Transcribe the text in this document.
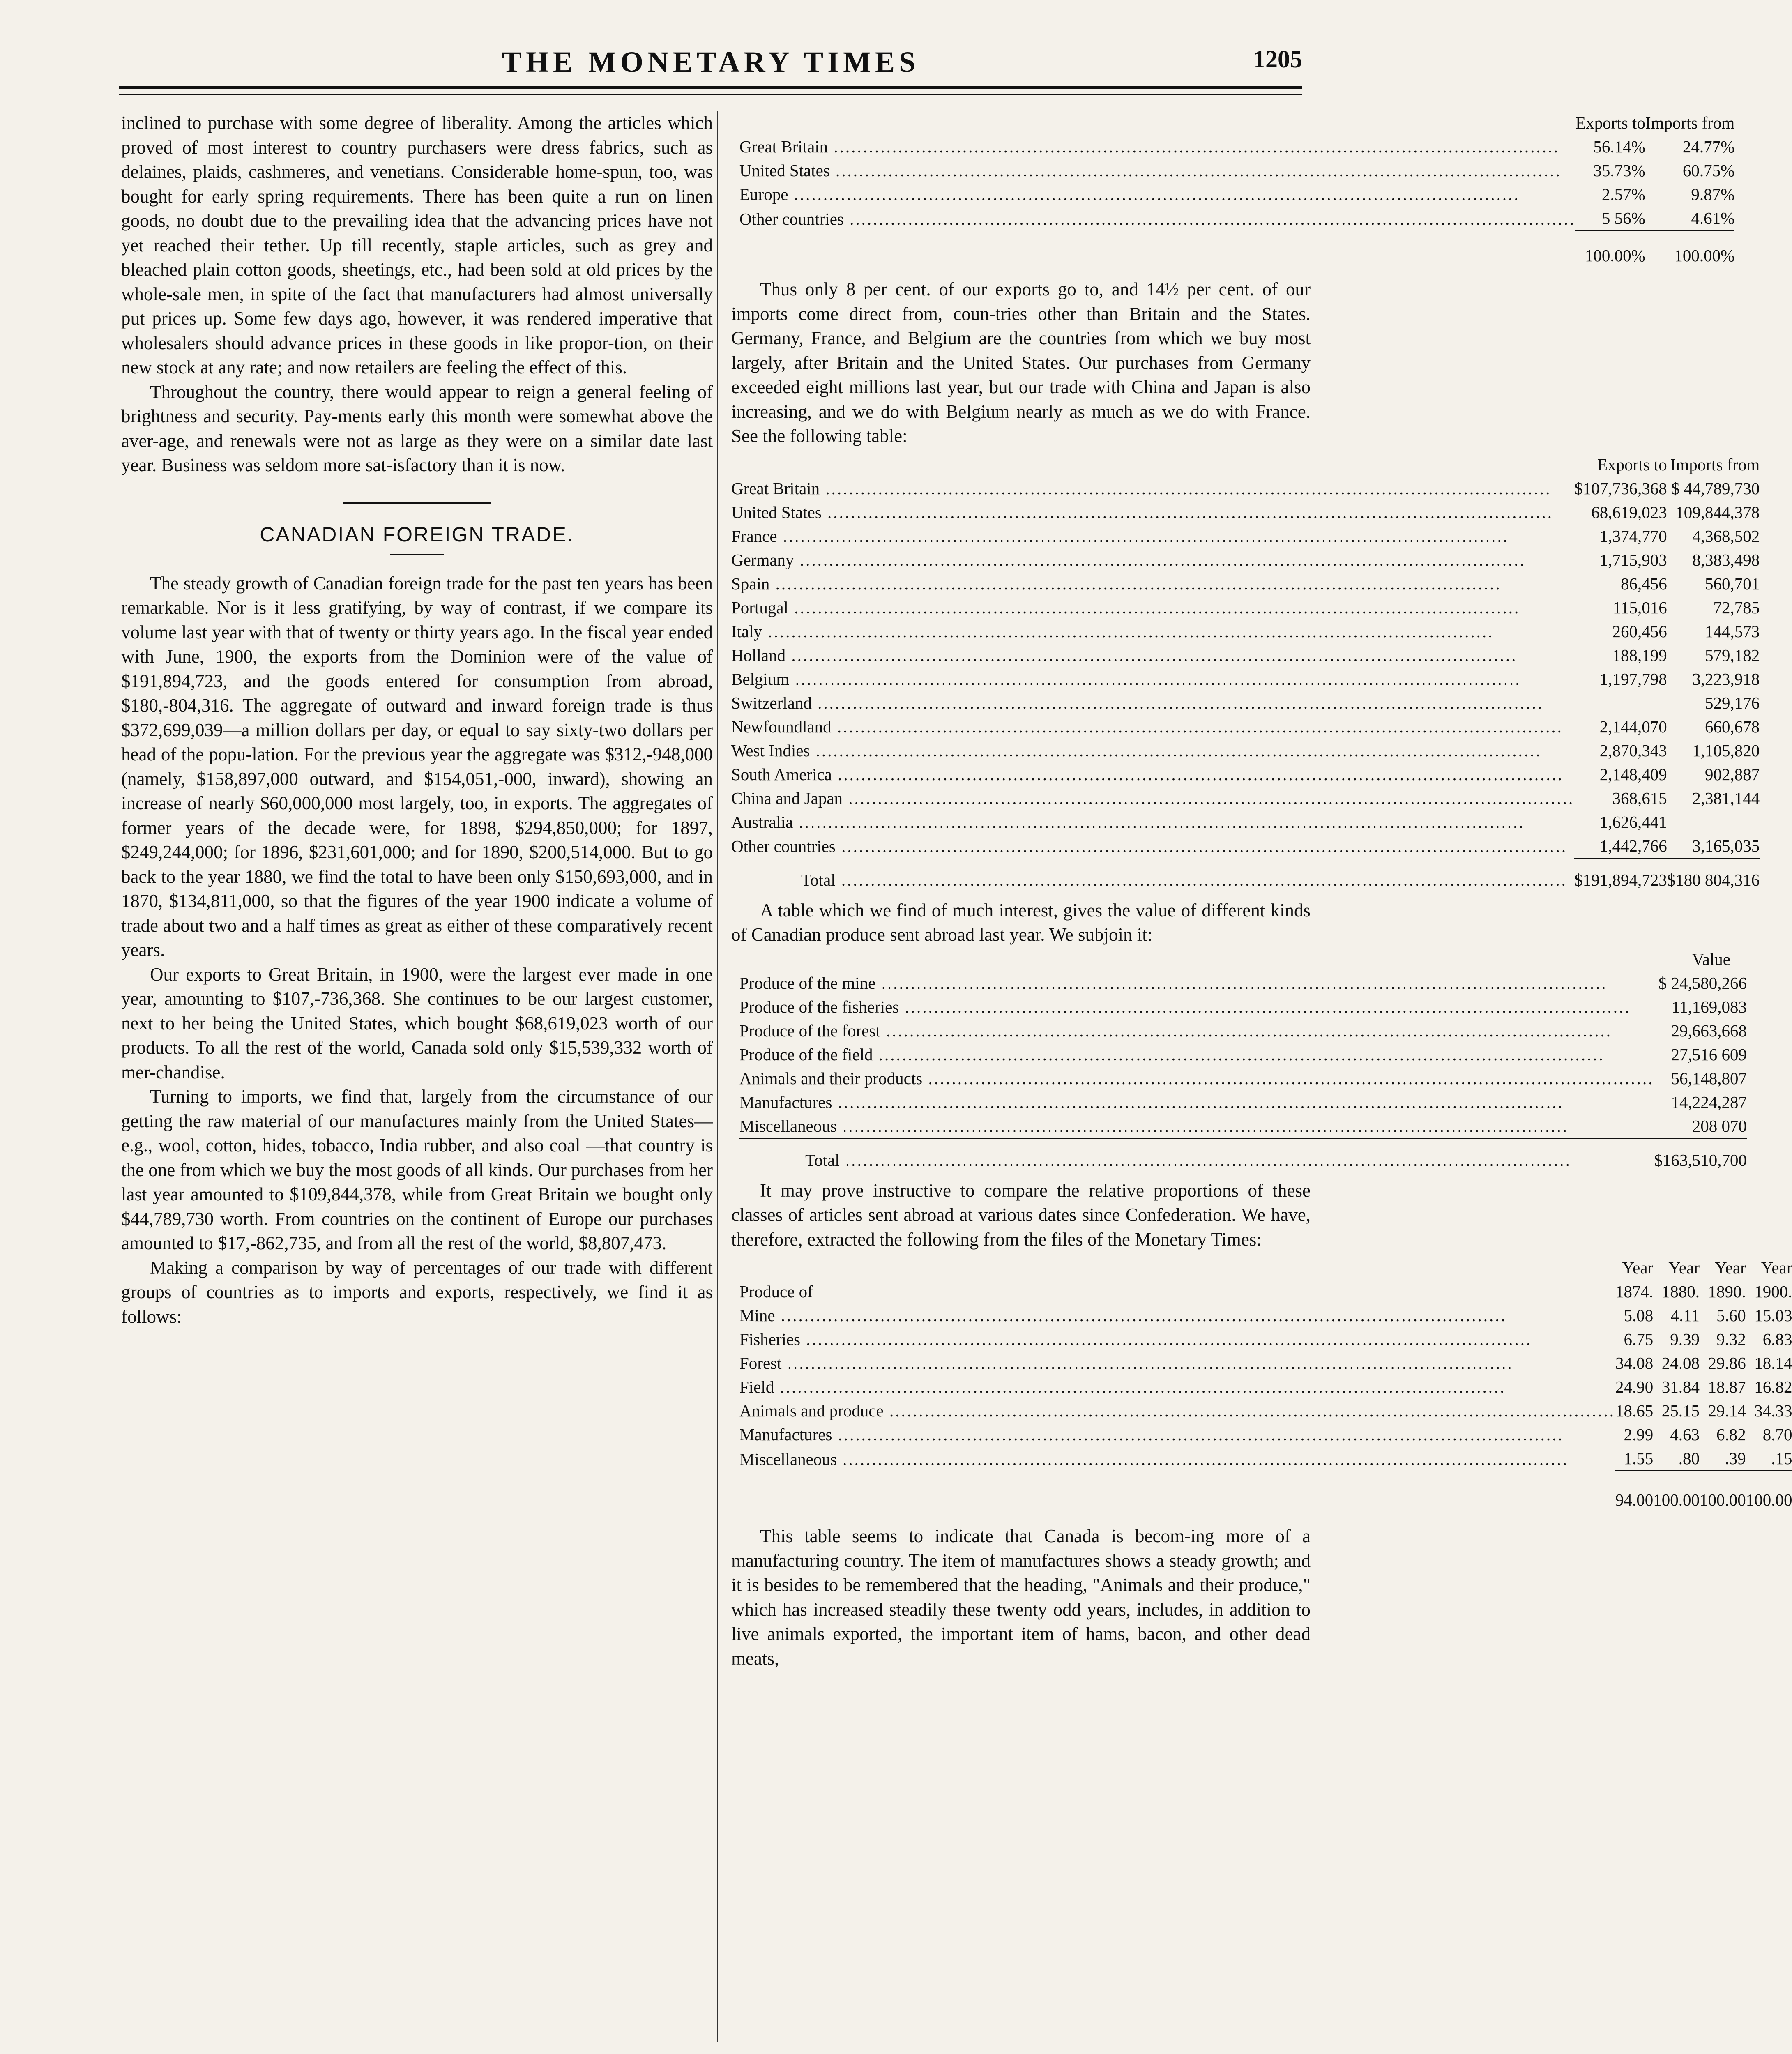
THE MONETARY TIMES	1205

inclined to purchase with some degree of liberality. Among the articles which proved of most interest to country purchasers were dress fabrics, such as delaines, plaids, cashmeres, and venetians. Considerable home-spun, too, was bought for early spring requirements. There has been quite a run on linen goods, no doubt due to the prevailing idea that the advancing prices have not yet reached their tether. Up till recently, staple articles, such as grey and bleached plain cotton goods, sheetings, etc., had been sold at old prices by the whole-sale men, in spite of the fact that manufacturers had almost universally put prices up. Some few days ago, however, it was rendered imperative that wholesalers should advance prices in these goods in like propor-tion, on their new stock at any rate; and now retailers are feeling the effect of this.

Throughout the country, there would appear to reign a general feeling of brightness and security. Pay-ments early this month were somewhat above the aver-age, and renewals were not as large as they were on a similar date last year. Business was seldom more sat-isfactory than it is now.

CANADIAN FOREIGN TRADE.

The steady growth of Canadian foreign trade for the past ten years has been remarkable. Nor is it less gratifying, by way of contrast, if we compare its volume last year with that of twenty or thirty years ago. In the fiscal year ended with June, 1900, the exports from the Dominion were of the value of $191,894,723, and the goods entered for consumption from abroad, $180,-804,316. The aggregate of outward and inward foreign trade is thus $372,699,039—a million dollars per day, or equal to say sixty-two dollars per head of the popu-lation. For the previous year the aggregate was $312,-948,000 (namely, $158,897,000 outward, and $154,051,-000, inward), showing an increase of nearly $60,000,000 most largely, too, in exports. The aggregates of former years of the decade were, for 1898, $294,850,000; for 1897, $249,244,000; for 1896, $231,601,000; and for 1890, $200,514,000. But to go back to the year 1880, we find the total to have been only $150,693,000, and in 1870, $134,811,000, so that the figures of the year 1900 indicate a volume of trade about two and a half times as great as either of these comparatively recent years.

Our exports to Great Britain, in 1900, were the largest ever made in one year, amounting to $107,-736,368. She continues to be our largest customer, next to her being the United States, which bought $68,619,023 worth of our products. To all the rest of the world, Canada sold only $15,539,332 worth of mer-chandise.

Turning to imports, we find that, largely from the circumstance of our getting the raw material of our manufactures mainly from the United States—e.g., wool, cotton, hides, tobacco, India rubber, and also coal —that country is the one from which we buy the most goods of all kinds. Our purchases from her last year amounted to $109,844,378, while from Great Britain we bought only $44,789,730 worth. From countries on the continent of Europe our purchases amounted to $17,-862,735, and from all the rest of the world, $8,807,473.

Making a comparison by way of percentages of our trade with different groups of countries as to imports and exports, respectively, we find it as follows:

	Exports to	Imports from
Great Britain .....	56.14%	24.77%
United States .....	35.73%	60.75%
Europe .....	2.57%	9.87%
Other countries .....	5 56%	4.61%
	100.00%	100.00%

Thus only 8 per cent. of our exports go to, and 14½ per cent. of our imports come direct from, coun-tries other than Britain and the States. Germany, France, and Belgium are the countries from which we buy most largely, after Britain and the United States. Our purchases from Germany exceeded eight millions last year, but our trade with China and Japan is also increasing, and we do with Belgium nearly as much as we do with France. See the following table:

	Exports to	Imports from
Great Britain .....	$107,736,368	$ 44,789,730
United States .....	68,619,023	109,844,378
France .....	1,374,770	4,368,502
Germany .....	1,715,903	8,383,498
Spain .....	86,456	560,701
Portugal .....	115,016	72,785
Italy .....	260,456	144,573
Holland .....	188,199	579,182
Belgium .....	1,197,798	3,223,918
Switzerland .....		529,176
Newfoundland .....	2,144,070	660,678
West Indies .....	2,870,343	1,105,820
South America .....	2,148,409	902,887
China and Japan .....	368,615	2,381,144
Australia .....	1,626,441	
Other countries .....	1,442,766	3,165,035
Total .....	$191,894,723	$180 804,316

A table which we find of much interest, gives the value of different kinds of Canadian produce sent abroad last year. We subjoin it:

	Value
Produce of the mine .....	$ 24,580,266
Produce of the fisheries .....	11,169,083
Produce of the forest .....	29,663,668
Produce of the field .....	27,516 609
Animals and their products .....	56,148,807
Manufactures .....	14,224,287
Miscellaneous .....	208 070
Total .....	$163,510,700

It may prove instructive to compare the relative proportions of these classes of articles sent abroad at various dates since Confederation. We have, therefore, extracted the following from the files of the Monetary Times:

	Year	Year	Year	Year
Produce of	1874.	1880.	1890.	1900.
Mine .....	5.08	4.11	5.60	15.03
Fisheries .....	6.75	9.39	9.32	6.83
Forest .....	34.08	24.08	29.86	18.14
Field .....	24.90	31.84	18.87	16.82
Animals and produce .....	18.65	25.15	29.14	34.33
Manufactures .....	2.99	4.63	6.82	8.70
Miscellaneous .....	1.55	.80	.39	.15
	94.00	100.00	100.00	100.00

This table seems to indicate that Canada is becom-ing more of a manufacturing country. The item of manufactures shows a steady growth; and it is besides to be remembered that the heading, "Animals and their produce," which has increased steadily these twenty odd years, includes, in addition to live animals exported, the important item of hams, bacon, and other dead meats,
